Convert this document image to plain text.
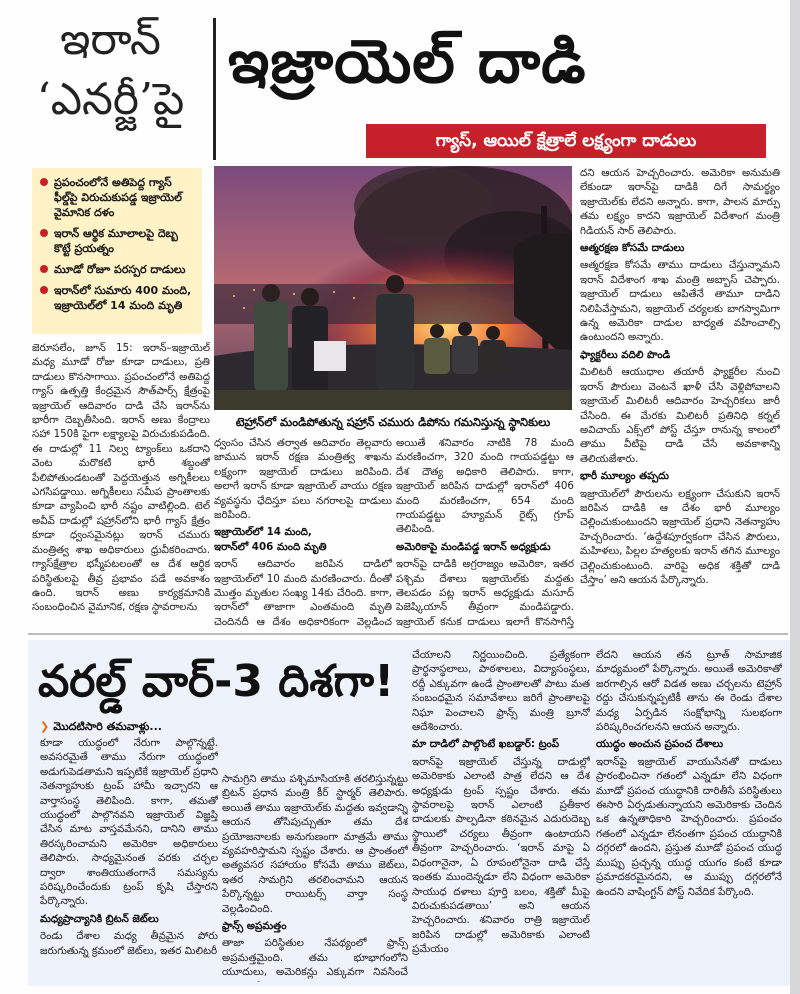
ఇరాన్
‘ఎనర్జీ’పై
ఇజ్రాయెల్ దాడి
గ్యాస్, ఆయిల్ క్షేత్రాలే లక్ష్యంగా దాడులు
ప్రపంచంలోనే అతిపెద్ద గ్యాస్ ఫీల్డ్‌పై విరుచుకుపడ్డ ఇజ్రాయెల్ వైమానిక దళం
ఇరాన్ ఆర్థిక మూలాలపై దెబ్బ కొట్టే ప్రయత్నం
మూడో రోజూ పరస్పర దాడులు
ఇరాన్‌లో సుమారు 400 మంది, ఇజ్రాయెల్‌లో 14 మంది మృతి
టెహ్రాన్‌లో మండిపోతున్న షహ్రాన్ చమురు డిపోను గమనిస్తున్న స్థానికులు

జెరూసలేం, జూన్ 15: ఇరాన్–ఇజ్రాయెల్ మధ్య మూడో రోజు కూడా దాడులు, ప్రతి దాడులు కొనసాగాయి. ప్రపంచంలోనే అతిపెద్ద గ్యాస్ ఉత్పత్తి కేంద్రమైన సౌత్‌పార్స్ క్షేత్రంపై ఇజ్రాయెల్ ఆదివారం దాడి చేసి ఇరాన్‌ను భారీగా దెబ్బతీసింది. ఇరాన్ అణు కేంద్రాలు సహా 150కి పైగా లక్ష్యాలపై విరుచుకుపడింది. ఈ దాడుల్లో 11 నిల్వ ట్యాంక్‌లు ఒకదాని వెంట మరొకటి భారీ శబ్దంతో పేలిపోతుండటంతో పెద్దయెత్తున అగ్నికీలలు ఎగసిపడ్డాయి. అగ్నికీలలు సమీప ప్రాంతాలకు కూడా వ్యాపించి భారీ నష్టం వాటిల్లింది. టెల్ అవీవ్ దాడుల్లో షహ్రాన్‌లోని భారీ గ్యాస్ క్షేత్రం కూడా ధ్వంసమైనట్లు ఇరాన్ చమురు మంత్రిత్వ శాఖ అధికారులు ధ్రువీకరించారు. గ్యాస్‌క్షేత్రాల భస్మీపటలంతో ఆ దేశ ఆర్థిక పరిస్థితులపై తీవ్ర ప్రభావం పడే అవకాశం ఉంది. ఇరాన్ అణు కార్యక్రమానికి సంబంధించిన వైమానిక, రక్షణ స్థావరాలను

ధ్వంసం చేసిన తర్వాత ఆదివారం తెల్లవారు జామున ఇరాన్ రక్షణ మంత్రిత్వ శాఖను లక్ష్యంగా ఇజ్రాయెల్ దాడులు జరిపింది. అలాగే ఇరాన్ కూడా ఇజ్రాయెల్ వాయు రక్షణ వ్యవస్థను ఛేదిస్తూ పలు నగరాలపై దాడులు జరిపింది.

ఇజ్రాయెల్‌లో 14 మంది,
ఇరాన్‌లో 406 మంది మృతి

ఇరాన్ ఆదివారం జరిపిన దాడిలో ఇజ్రాయెల్‌లో 10 మంది మరణించారు. దీంతో మొత్తం మృతుల సంఖ్య 14కు చేరింది. కాగా, ఇరాన్‌లో తాజాగా ఎంతమంది మృతి చెందినదీ ఆ దేశం అధికారికంగా వెల్లడించ

అయితే శనివారం నాటికి 78 మంది మరణించగా, 320 మంది గాయపడ్డట్టు ఆ దేశ దౌత్య అధికారి తెలిపారు. కాగా, ఇజ్రాయెల్ జరిపిన దాడుల్లో ఇరాన్‌లో 406 మంది మరణించగా, 654 మంది గాయపడ్డట్టు హ్యూమన్ రైట్స్ గ్రూప్ తెలిపింది.

అమెరికాపై మండిపడ్డ ఇరాన్ అధ్యక్షుడు

ఇరాన్‌పై దాడికి అగ్రరాజ్యం అమెరికా, ఇతర పశ్చిమ దేశాలు ఇజ్రాయెల్‌కు మద్దతు తెలపడం పట్ల ఇరాన్ అధ్యక్షుడు మసూద్ పెజెష్కియాన్ తీవ్రంగా మండిపడ్డారు. ఇజ్రాయెల్ కనుక దాడులు ఇలాగే కొనసాగిస్తే

దని ఆయన హెచ్చరించారు. అమెరికా అనుమతి లేకుండా ఇరాన్‌పై దాడికి దిగే సామర్థ్యం ఇజ్రాయెల్‌కు లేదని అన్నారు. కాగా, పాలన మార్పు తమ లక్ష్యం కాదని ఇజ్రాయెల్ విదేశాంగ మంత్రి గిడియన్ సార్ తెలిపారు.

ఆత్మరక్షణ కోసమే దాడులు

ఆత్మరక్షణ కోసమే తాము దాడులు చేస్తున్నామని ఇరాన్ విదేశాంగ శాఖ మంత్రి అబ్బాస్ చెప్పారు. ఇజ్రాయెల్ దాడులు ఆపితేనే తామూ దాడిని నిలిపివేస్తామని, ఇజ్రాయెల్ చర్యలకు బాగస్వామిగా ఉన్న అమెరికా దాడుల బాధ్యత వహించాల్సి ఉంటుందని అన్నారు.

ఫ్యాక్టరీలు వదిలి పొండి

మిలిటరీ ఆయుధాల తయారీ ఫ్యాక్టరీల నుంచి ఇరాన్ పౌరులు వెంటనే ఖాళీ చేసి వెళ్లిపోవాలని ఇజ్రాయెల్ మిలిటరీ ఆదివారం హెచ్చరికలు జారీ చేసింది. ఈ మేరకు మిలిటరీ ప్రతినిధి కర్నల్ అవిచాయ్ ఎక్స్‌లో పోస్ట్ చేస్తూ రానున్న కాలంలో తాము వీటిపై దాడి చేసే అవకాశాన్ని తెలియజేశారు.

భారీ మూల్యం తప్పదు

ఇజ్రాయెల్‌లో పౌరులను లక్ష్యంగా చేసుకుని ఇరాన్ జరిపిన దాడికి ఆ దేశం భారీ మూల్యం చెల్లించుకుంటుందని ఇజ్రాయెల్ ప్రధాని నెతన్యాహు హెచ్చరించారు. ‘ఉద్దేశపూర్వకంగా చేసిన పౌరులు, మహిళలు, పిల్లల హత్యలకు ఇరాన్ తగిన మూల్యం చెల్లించుకుంటుంది. వారిపై అధిక శక్తితో దాడి చేస్తాం’ అని ఆయన పేర్కొన్నారు.

వరల్డ్ వార్-3 దిశగా!
❯ మొదటిసారి తమవాళ్లు...

కూడా యుద్ధంలో నేరుగా పాల్గొన్నట్టే. అవసరమైతే తాము నేరుగా యుద్ధంలో అడుగుపెడతామని ఇప్పటికే ఇజ్రాయెల్ ప్రధాని నెతన్యాహుకు ట్రంప్ హామీ ఇచ్చారని ఆ వార్తాసంస్థ తెలిపింది. కాగా, తమతో యుద్ధంలో పాల్గొనవని ఇజ్రాయెల్ విజ్ఞప్తి చేసిన మాట వాస్తవమేనని, దానిని తాము తిరస్కరించామని అమెరికా అధికారులు తెలిపారు. సాధ్యమైనంత వరకు చర్చల ద్వారా శాంతియుతంగానే సమస్యను పరిష్కరించేందుకు ట్రంప్ కృషి చేస్తారని పేర్కొన్నారు.

మధ్యప్రాచ్యానికి బ్రిటన్ జెట్‌లు

రెండు దేశాల మధ్య తీవ్రమైన పోరు జరుగుతున్న క్రమంలో జెట్‌లు, ఇతర మిలిటరీ

సామగ్రిని తాము పశ్చిమాసియాకి తరలిస్తున్నట్టు బ్రిటన్ ప్రధాన మంత్రి కీర్ స్టార్మర్ తెలిపారు. అయితే తాము ఇజ్రాయెల్‌కు మద్దతు ఇవ్వడాన్ని ఆయన తోసిపుచ్చుతూ తమ దేశ ప్రయోజనాలకు అనుగుణంగా మాత్రమే తాము వ్యవహరిస్తామని స్పష్టం చేశారు. ఆ ప్రాంతంలో అత్యవసర సహాయం కోసమే తాము జెట్‌లు, ఇతర సామగ్రిని తరలించామని ఆయన పేర్కొన్నట్టు రాయిటర్స్ వార్తా సంస్థ వెల్లడించింది.

ఫ్రాన్స్ అప్రమత్తం

తాజా పరిస్థితుల నేపథ్యంలో ఫ్రాన్స్ అప్రమత్తమైంది. తమ భూభాగంలోని యూదులు, అమెరికన్లు ఎక్కువగా నివసించే

చేయాలని నిర్ణయించింది. ప్రత్యేకంగా ప్రార్థనాస్థలాలు, పాఠశాలలు, విద్యాసంస్థలు, రద్దీ ఎక్కువగా ఉండే ప్రాంతాలతో పాటు మత సంబంధమైన సమావేశాలు జరిగే ప్రాంతాలపై నిఘా పెంచాలని ఫ్రాన్స్ మంత్రి బ్రూనో ఆదేశించారు.

మా దాడిలో పాల్గొంటే ఖబడ్దార్: ట్రంప్

ఇరాన్‌పై ఇజ్రాయెల్ చేస్తున్న దాడుల్లో అమెరికాకు ఎలాంటి పాత్ర లేదని ఆ దేశ అధ్యక్షుడు ట్రంప్ స్పష్టం చేశారు. తమ స్థావరాలపై ఇరాన్ ఎలాంటి ప్రతీకార దాడులకు పాల్పడినా కఠినమైన ఎదురుదెబ్బ స్థాయిలో చర్యలు తీవ్రంగా ఉంటాయని తీవ్రంగా హెచ్చరించారు. ‘ఇరాన్ మాపై ఏ విధంగానైనా, ఏ రూపంలోనైనా దాడి చేస్తే ఇంతకు ముందెన్నడూ లేని విధంగా అమెరికా సాయుధ దళాలు పూర్తి బలం, శక్తితో మీపై విరుచుకుపడతాయి’ అని ఆయన హెచ్చరించారు. శనివారం రాత్రి ఇజ్రాయెల్ జరిపిన దాడుల్లో అమెరికాకు ఎలాంటి ప్రమేయం

లేదని ఆయన తన ట్రూత్ సామాజిక మాధ్యమంలో పేర్కొన్నారు. అయితే అమెరికాతో జరగాల్సిన ఆరో విడత అణు చర్చలను టెహ్రాన్ రద్దు చేసుకున్నప్పటికీ తాను ఈ రెండు దేశాల మధ్య ఏర్పడిన సంక్షోభాన్ని సులభంగా పరిష్కరించగలనని ఆయన అన్నారు.

యుద్ధం అంచున ప్రపంచ దేశాలు

ఇరాన్‌పై ఇజ్రాయెల్ వాయుసేనతో దాడులు ప్రారంభించినా గతంలో ఎన్నడూ లేని విధంగా మూడో ప్రపంచ యుద్ధానికి దారితీసే పరిస్థితులు ఈసారి ఏర్పడుతున్నాయని అమెరికాకు చెందిన ఒక ఉన్నతాధికారి హెచ్చరించారు. ప్రపంచం గతంలో ఎన్నడూ లేనంతగా ప్రపంచ యుద్ధానికి దగ్గరలో ఉందని, ప్రస్తుత మూడో ప్రపంచ యుద్ధ ముప్పు ప్రచ్ఛన్న యుద్ధ యుగం కంటే కూడా ప్రమాదకరమైనదని, ఆ ముప్పు దగ్గరలోనే ఉందని వాషింగ్టన్ పోస్ట్ నివేదిక పేర్కొంది.
